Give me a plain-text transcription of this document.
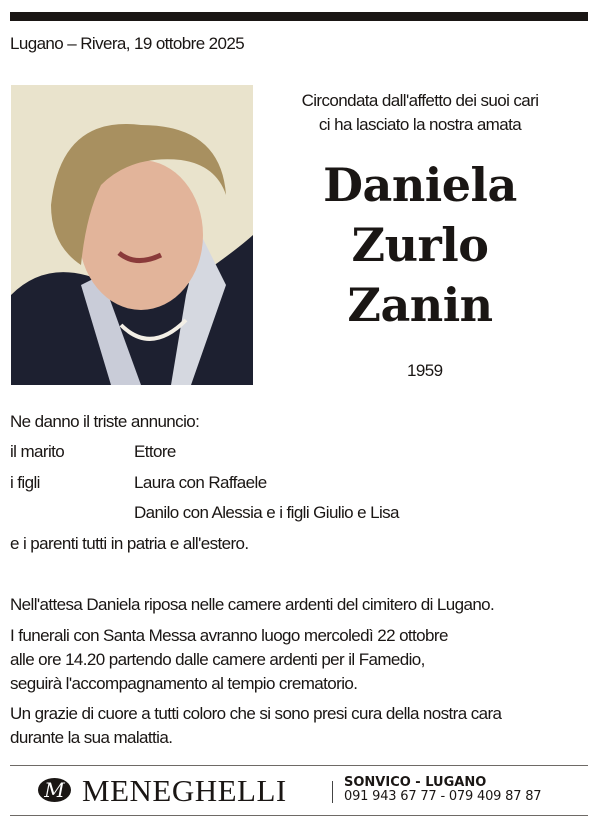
Lugano – Rivera, 19 ottobre 2025
Circondata dall'affetto dei suoi cari
ci ha lasciato la nostra amata
Daniela
Zurlo
Zanin
1959
Ne danno il triste annuncio:
il marito	Ettore
i figli	Laura con Raffaele
Danilo con Alessia e i figli Giulio e Lisa
e i parenti tutti in patria e all'estero.
Nell'attesa Daniela riposa nelle camere ardenti del cimitero di Lugano.
I funerali con Santa Messa avranno luogo mercoledì 22 ottobre
alle ore 14.20 partendo dalle camere ardenti per il Famedio,
seguirà l'accompagnamento al tempio crematorio.
Un grazie di cuore a tutti coloro che si sono presi cura della nostra cara
durante la sua malattia.
M MENEGHELLI	SONVICO - LUGANO
091 943 67 77 - 079 409 87 87
